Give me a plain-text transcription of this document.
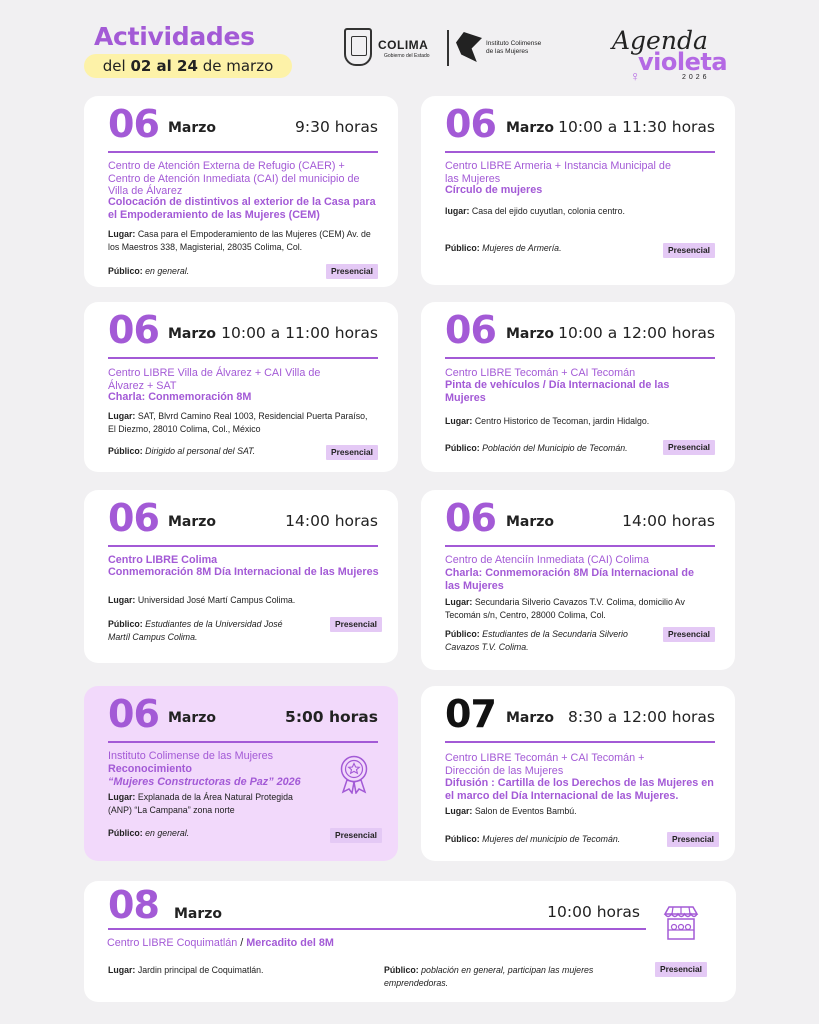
Actividades
del 02 al 24 de marzo
COLIMA
Gobierno del Estado
Instituto Colimense
de las Mujeres	Agenda
violeta
♀	2026
06 Marzo	9:30 horas
Centro de Atención Externa de Refugio (CAER) + Centro de Atención Inmediata (CAI) del municipio de Villa de Álvarez
Colocación de distintivos al exterior de la Casa para el Empoderamiento de las Mujeres (CEM)
Lugar: Casa para el Empoderamiento de las Mujeres (CEM) Av. de los Maestros 338, Magisterial, 28035 Colima, Col.
Público: en general.	Presencial
06 Marzo 10:00 a 11:30 horas
Centro LIBRE Armeria + Instancia Municipal de las Mujeres
Círculo de mujeres
lugar: Casa del ejido cuyutlan, colonia centro.
Público: Mujeres de Armería.	Presencial
06 Marzo 10:00 a 11:00 horas
Centro LIBRE Villa de Álvarez + CAI Villa de Álvarez + SAT
Charla: Conmemoración 8M
Lugar: SAT, Blvrd Camino Real 1003, Residencial Puerta Paraíso, El Diezmo, 28010 Colima, Col., México
Público: Dirigido al personal del SAT.	Presencial
06 Marzo 10:00 a 12:00 horas
Centro LIBRE Tecomán + CAI Tecomán
Pinta de vehículos / Día Internacional de las Mujeres
Lugar: Centro Historico de Tecoman, jardin Hidalgo.
Público: Población del Municipio de Tecomán.	Presencial
06 Marzo	14:00 horas
Centro LIBRE Colima
Conmemoración 8M Día Internacional de las Mujeres
Lugar: Universidad José Martí Campus Colima.
Público: Estudiantes de la Universidad José Martíl Campus Colima.
Presencial
06 Marzo	14:00 horas
Centro de Atenciín Inmediata (CAI) Colima
Charla: Conmemoración 8M Día Internacional de las Mujeres
Lugar: Secundaria Silverio Cavazos T.V. Colima, domicilio Av Tecomán s/n, Centro, 28000 Colima, Col.
Público: Estudiantes de la Secundaria Silverio Cavazos T.V. Colima.
Presencial
06 Marzo	5:00 horas
Instituto Colimense de las Mujeres
Reconocimiento
“Mujeres Constructoras de Paz” 2026
Lugar: Explanada de la Área Natural Protegida (ANP) “La Campana” zona norte
Público: en general.	Presencial
07 Marzo 8:30 a 12:00 horas
Centro LIBRE Tecomán + CAI Tecomán + Dirección de las Mujeres
Difusión : Cartilla de los Derechos de las Mujeres en el marco del Día Internacional de las Mujeres.
Lugar: Salon de Eventos Bambú.
Público: Mujeres del municipio de Tecomán.	Presencial
08 Marzo	10:00 horas
Centro LIBRE Coquimatlán / Mercadito del 8M
Lugar: Jardin principal de Coquimatlán.	Público: población en general, participan las mujeres emprendedoras.
Presencial
